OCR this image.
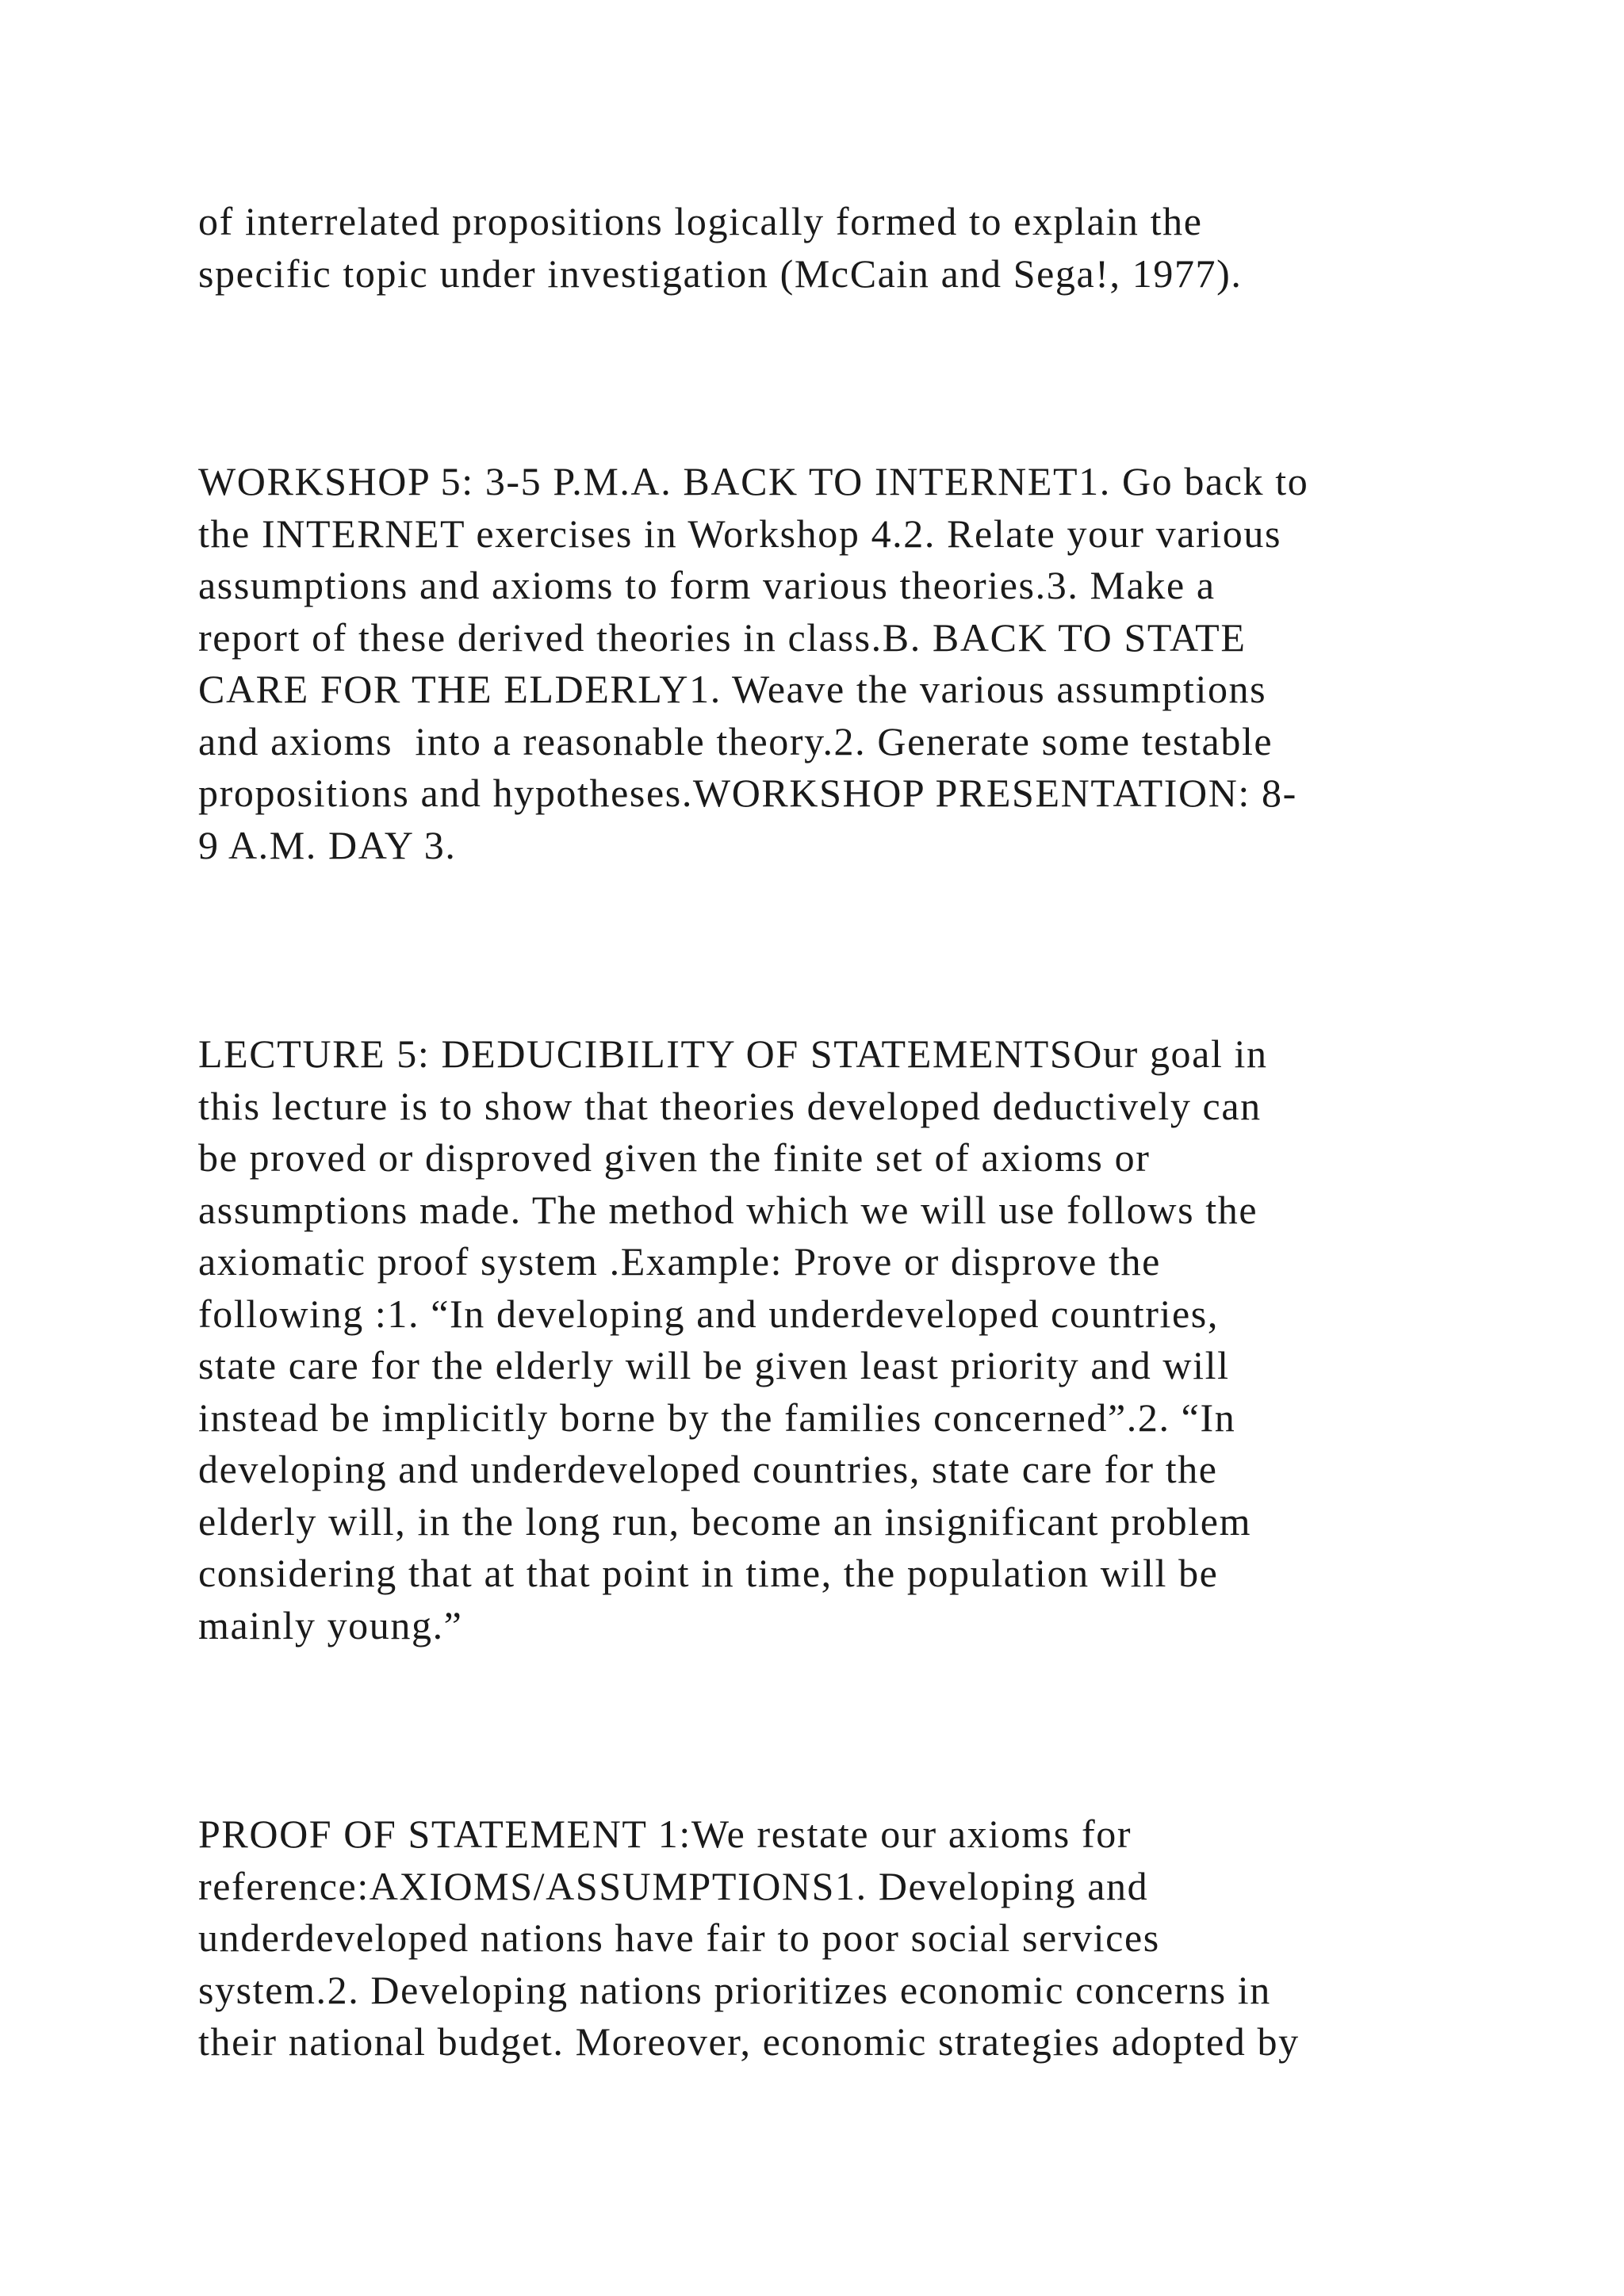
of interrelated propositions logically formed to explain the
specific topic under investigation (McCain and Sega!, 1977).
WORKSHOP 5: 3-5 P.M.A. BACK TO INTERNET1. Go back to
the INTERNET exercises in Workshop 4.2. Relate your various
assumptions and axioms to form various theories.3. Make a
report of these derived theories in class.B. BACK TO STATE
CARE FOR THE ELDERLY1. Weave the various assumptions
and axioms  into a reasonable theory.2. Generate some testable
propositions and hypotheses.WORKSHOP PRESENTATION: 8-
9 A.M. DAY 3.
LECTURE 5: DEDUCIBILITY OF STATEMENTSOur goal in
this lecture is to show that theories developed deductively can
be proved or disproved given the finite set of axioms or
assumptions made. The method which we will use follows the
axiomatic proof system .Example: Prove or disprove the
following :1. “In developing and underdeveloped countries,
state care for the elderly will be given least priority and will
instead be implicitly borne by the families concerned”.2. “In
developing and underdeveloped countries, state care for the
elderly will, in the long run, become an insignificant problem
considering that at that point in time, the population will be
mainly young.”
PROOF OF STATEMENT 1:We restate our axioms for
reference:AXIOMS/ASSUMPTIONS1. Developing and
underdeveloped nations have fair to poor social services
system.2. Developing nations prioritizes economic concerns in
their national budget. Moreover, economic strategies adopted by
